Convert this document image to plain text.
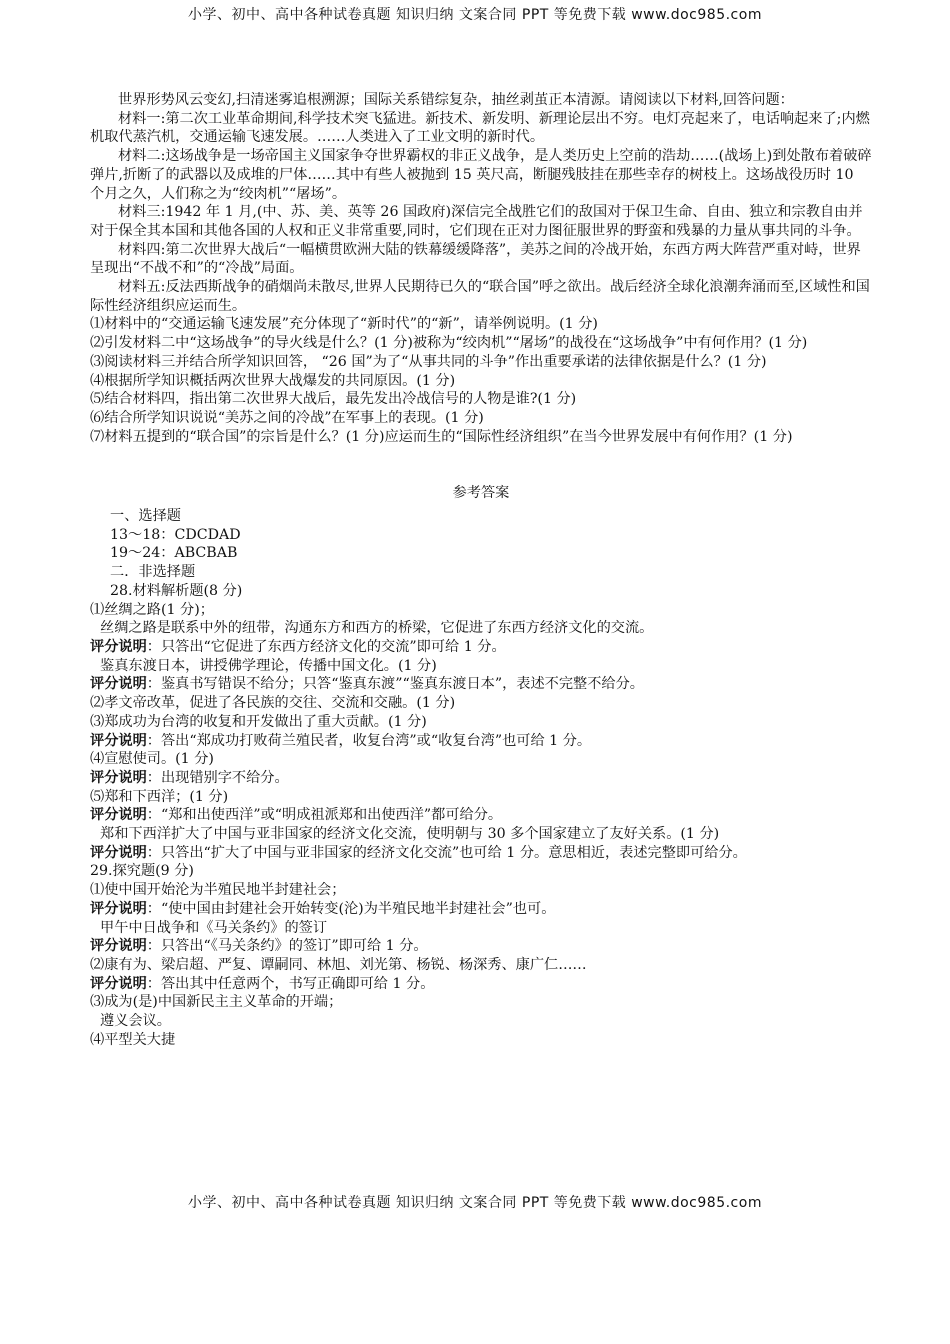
小学、初中、高中各种试卷真题 知识归纳 文案合同 PPT 等免费下载 www.doc985.com

世界形势风云变幻,扫清迷雾追根溯源；国际关系错综复杂，抽丝剥茧正本清源。请阅读以下材料,回答问题：

材料一:第二次工业革命期间,科学技术突飞猛进。新技术、新发明、新理论层出不穷。电灯亮起来了，电话响起来了;内燃机取代蒸汽机，交通运输飞速发展。……人类进入了工业文明的新时代。

材料二:这场战争是一场帝国主义国家争夺世界霸权的非正义战争，是人类历史上空前的浩劫……(战场上)到处散布着破碎弹片,折断了的武器以及成堆的尸体……其中有些人被抛到 15 英尺高，断腿残肢挂在那些幸存的树枝上。这场战役历时 10 个月之久，人们称之为“绞肉机”“屠场”。

材料三:1942 年 1 月,(中、苏、美、英等 26 国政府)深信完全战胜它们的敌国对于保卫生命、自由、独立和宗教自由并对于保全其本国和其他各国的人权和正义非常重要,同时，它们现在正对力图征服世界的野蛮和残暴的力量从事共同的斗争。

材料四:第二次世界大战后“一幅横贯欧洲大陆的铁幕缓缓降落”，美苏之间的冷战开始，东西方两大阵营严重对峙，世界呈现出“不战不和”的“冷战”局面。

材料五:反法西斯战争的硝烟尚未散尽,世界人民期待已久的“联合国”呼之欲出。战后经济全球化浪潮奔涌而至,区域性和国际性经济组织应运而生。

⑴材料中的“交通运输飞速发展”充分体现了“新时代”的“新”，请举例说明。(1 分)

⑵引发材料二中“这场战争”的导火线是什么？(1 分)被称为“绞肉机”“屠场”的战役在“这场战争”中有何作用？(1 分)

⑶阅读材料三并结合所学知识回答， “26 国”为了“从事共同的斗争”作出重要承诺的法律依据是什么？(1 分)

⑷根据所学知识概括两次世界大战爆发的共同原因。(1 分)

⑸结合材料四，指出第二次世界大战后，最先发出冷战信号的人物是谁?(1 分)

⑹结合所学知识说说“美苏之间的冷战”在军事上的表现。(1 分)

⑺材料五提到的“联合国”的宗旨是什么？(1 分)应运而生的“国际性经济组织”在当今世界发展中有何作用？(1 分)

参考答案

一、选择题

13～18：CDCDAD

19～24：ABCBAB

二．非选择题

28.材料解析题(8 分)

⑴丝绸之路(1 分)；

丝绸之路是联系中外的纽带，沟通东方和西方的桥梁，它促进了东西方经济文化的交流。

评分说明：只答出“它促进了东西方经济文化的交流”即可给 1 分。

鉴真东渡日本，讲授佛学理论，传播中国文化。(1 分)

评分说明：鉴真书写错误不给分；只答“鉴真东渡”“鉴真东渡日本”，表述不完整不给分。

⑵孝文帝改革，促进了各民族的交往、交流和交融。(1 分)

⑶郑成功为台湾的收复和开发做出了重大贡献。(1 分)

评分说明：答出“郑成功打败荷兰殖民者，收复台湾”或“收复台湾”也可给 1 分。

⑷宣慰使司。(1 分)

评分说明：出现错别字不给分。

⑸郑和下西洋；(1 分)

评分说明：“郑和出使西洋”或“明成祖派郑和出使西洋”都可给分。

郑和下西洋扩大了中国与亚非国家的经济文化交流，使明朝与 30 多个国家建立了友好关系。(1 分)

评分说明：只答出“扩大了中国与亚非国家的经济文化交流”也可给 1 分。意思相近，表述完整即可给分。

29.探究题(9 分)

⑴使中国开始沦为半殖民地半封建社会；

评分说明：“使中国由封建社会开始转变(沦)为半殖民地半封建社会”也可。

甲午中日战争和《马关条约》的签订

评分说明：只答出“《马关条约》的签订”即可给 1 分。

⑵康有为、梁启超、严复、谭嗣同、林旭、刘光第、杨锐、杨深秀、康广仁……

评分说明：答出其中任意两个，书写正确即可给 1 分。

⑶成为(是)中国新民主主义革命的开端；

遵义会议。

⑷平型关大捷

小学、初中、高中各种试卷真题 知识归纳 文案合同 PPT 等免费下载 www.doc985.com
